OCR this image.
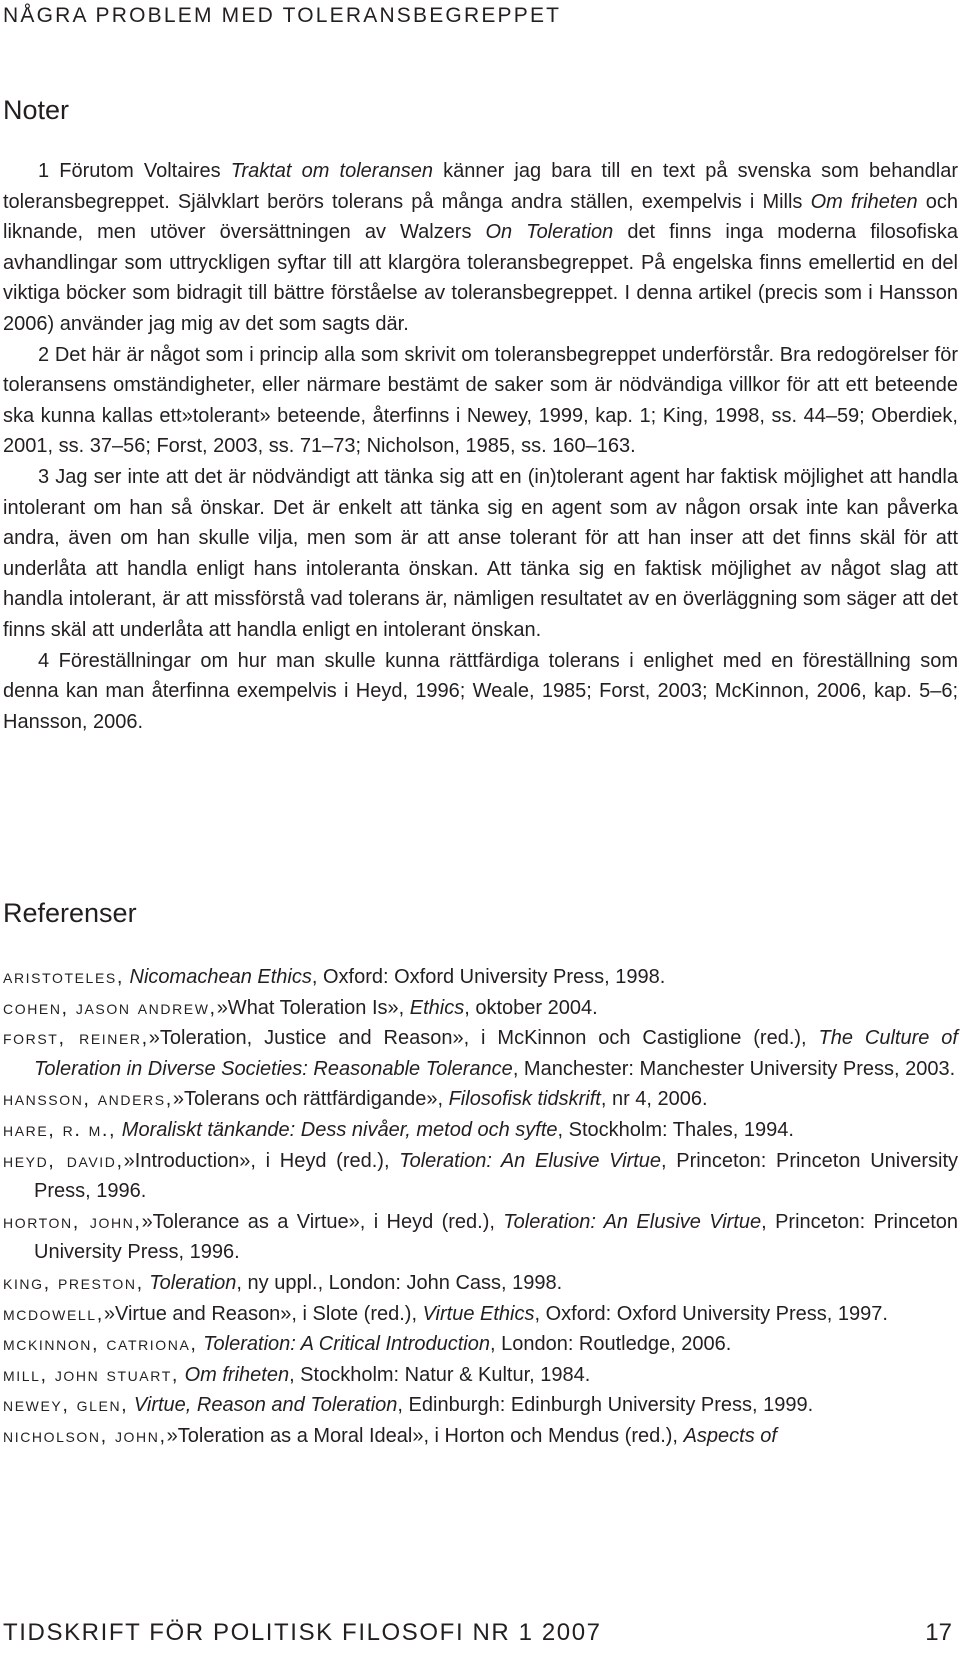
NÅGRA PROBLEM MED TOLERANSBEGREPPET
Noter

1 Förutom Voltaires Traktat om toleransen känner jag bara till en text på svenska som behandlar toleransbegreppet. Självklart berörs tolerans på många andra ställen, exempelvis i Mills Om friheten och liknande, men utöver översättningen av Walzers On Toleration det finns inga moderna filosofiska avhandlingar som uttryckligen syftar till att klargöra toleransbegreppet. På engelska finns emellertid en del viktiga böcker som bidragit till bättre förståelse av toleransbegreppet. I denna artikel (precis som i Hansson 2006) använder jag mig av det som sagts där.

2 Det här är något som i princip alla som skrivit om toleransbegreppet underförstår. Bra redogörelser för toleransens omständigheter, eller närmare bestämt de saker som är nödvändiga villkor för att ett beteende ska kunna kallas ett»tolerant» beteende, återfinns i Newey, 1999, kap. 1; King, 1998, ss. 44–59; Oberdiek, 2001, ss. 37–56; Forst, 2003, ss. 71–73; Nicholson, 1985, ss. 160–163.

3 Jag ser inte att det är nödvändigt att tänka sig att en (in)tolerant agent har faktisk möjlighet att handla intolerant om han så önskar. Det är enkelt att tänka sig en agent som av någon orsak inte kan påverka andra, även om han skulle vilja, men som är att anse tolerant för att han inser att det finns skäl för att underlåta att handla enligt hans intoleranta önskan. Att tänka sig en faktisk möjlighet av något slag att handla intolerant, är att missförstå vad tolerans är, nämligen resultatet av en överläggning som säger att det finns skäl att underlåta att handla enligt en intolerant önskan.

4 Föreställningar om hur man skulle kunna rättfärdiga tolerans i enlighet med en föreställning som denna kan man återfinna exempelvis i Heyd, 1996; Weale, 1985; Forst, 2003; McKinnon, 2006, kap. 5–6; Hansson, 2006.

Referenser

aristoteles, Nicomachean Ethics, Oxford: Oxford University Press, 1998.

cohen, jason andrew,»What Toleration Is», Ethics, oktober 2004.

forst, reiner,»Toleration, Justice and Reason», i McKinnon och Castiglione (red.), The Culture of Toleration in Diverse Societies: Reasonable Tolerance, Manchester: Manchester University Press, 2003.

hansson, anders,»Tolerans och rättfärdigande», Filosofisk tidskrift, nr 4, 2006.

hare, r. m., Moraliskt tänkande: Dess nivåer, metod och syfte, Stockholm: Thales, 1994.

heyd, david,»Introduction», i Heyd (red.), Toleration: An Elusive Virtue, Princeton: Princeton University Press, 1996.

horton, john,»Tolerance as a Virtue», i Heyd (red.), Toleration: An Elusive Virtue, Princeton: Princeton University Press, 1996.

king, preston, Toleration, ny uppl., London: John Cass, 1998.

mcdowell,»Virtue and Reason», i Slote (red.), Virtue Ethics, Oxford: Oxford University Press, 1997.

mckinnon, catriona, Toleration: A Critical Introduction, London: Routledge, 2006.

mill, john stuart, Om friheten, Stockholm: Natur & Kultur, 1984.

newey, glen, Virtue, Reason and Toleration, Edinburgh: Edinburgh University Press, 1999.

nicholson, john,»Toleration as a Moral Ideal», i Horton och Mendus (red.), Aspects of

TIDSKRIFT FÖR POLITISK FILOSOFI NR 1 2007	17
